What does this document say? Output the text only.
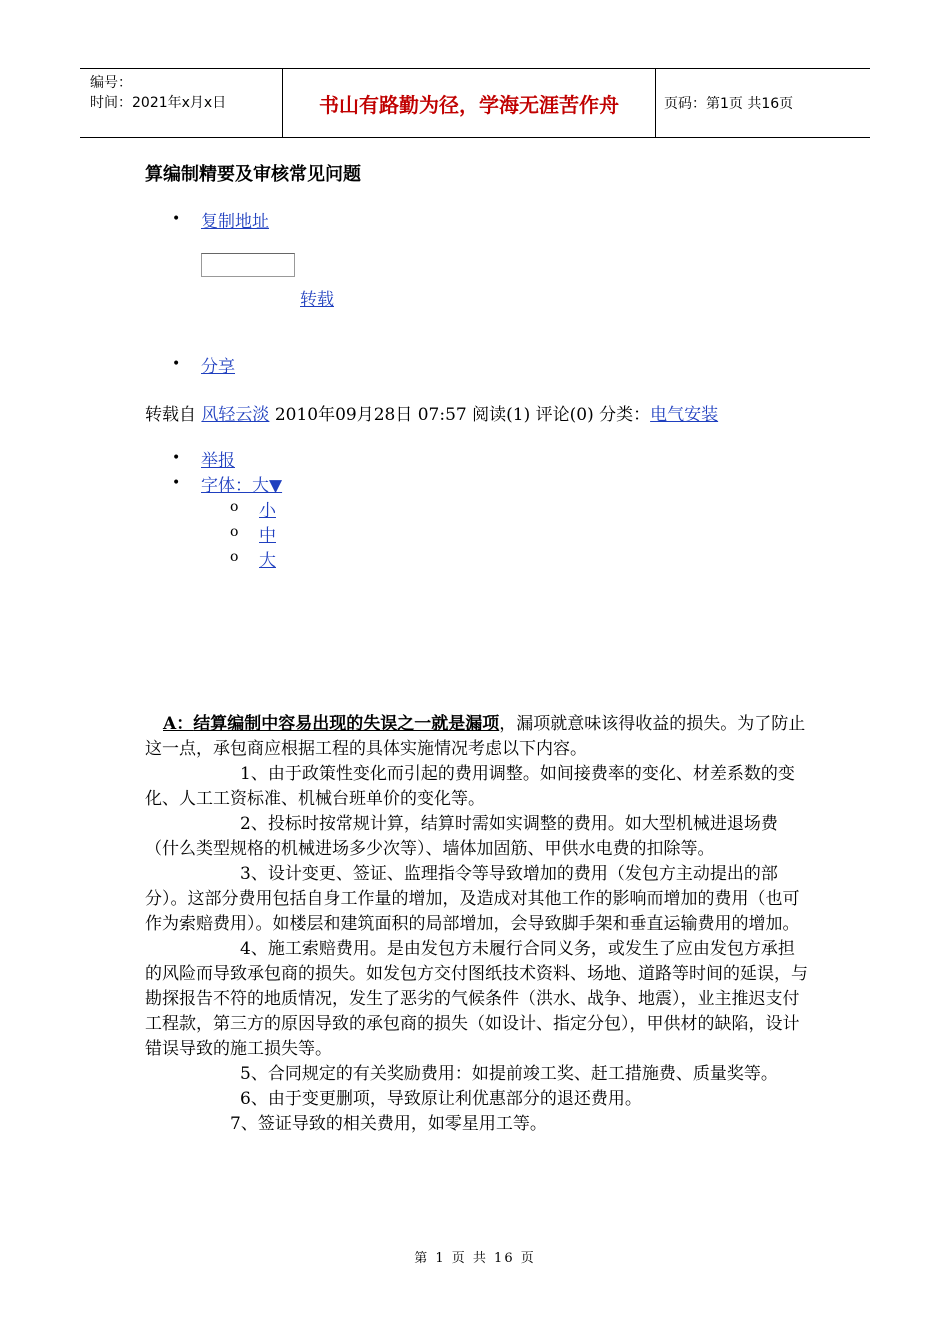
编号：
时间：2021年x月x日	书山有路勤为径，学海无涯苦作舟	页码：第1页 共16页
算编制精要及审核常见问题
• 复制地址
转载
• 分享
转载自 风轻云淡 2010年09月28日 07:57 阅读(1) 评论(0) 分类：电气安装
• 举报
• 字体：大▼
o 小
o 中
o 大

A：结算编制中容易出现的失误之一就是漏项，漏项就意味该得收益的损失。为了防止这一点，承包商应根据工程的具体实施情况考虑以下内容。

1、由于政策性变化而引起的费用调整。如间接费率的变化、材差系数的变化、人工工资标准、机械台班单价的变化等。

2、投标时按常规计算，结算时需如实调整的费用。如大型机械进退场费（什么类型规格的机械进场多少次等）、墙体加固筋、甲供水电费的扣除等。

3、设计变更、签证、监理指令等导致增加的费用（发包方主动提出的部分）。这部分费用包括自身工作量的增加，及造成对其他工作的影响而增加的费用（也可作为索赔费用）。如楼层和建筑面积的局部增加，会导致脚手架和垂直运输费用的增加。

4、施工索赔费用。是由发包方未履行合同义务，或发生了应由发包方承担的风险而导致承包商的损失。如发包方交付图纸技术资料、场地、道路等时间的延误，与勘探报告不符的地质情况，发生了恶劣的气候条件（洪水、战争、地震），业主推迟支付工程款，第三方的原因导致的承包商的损失（如设计、指定分包），甲供材的缺陷，设计错误导致的施工损失等。

5、合同规定的有关奖励费用：如提前竣工奖、赶工措施费、质量奖等。

6、由于变更删项，导致原让利优惠部分的退还费用。

7、签证导致的相关费用，如零星用工等。

第 1 页 共 16 页
